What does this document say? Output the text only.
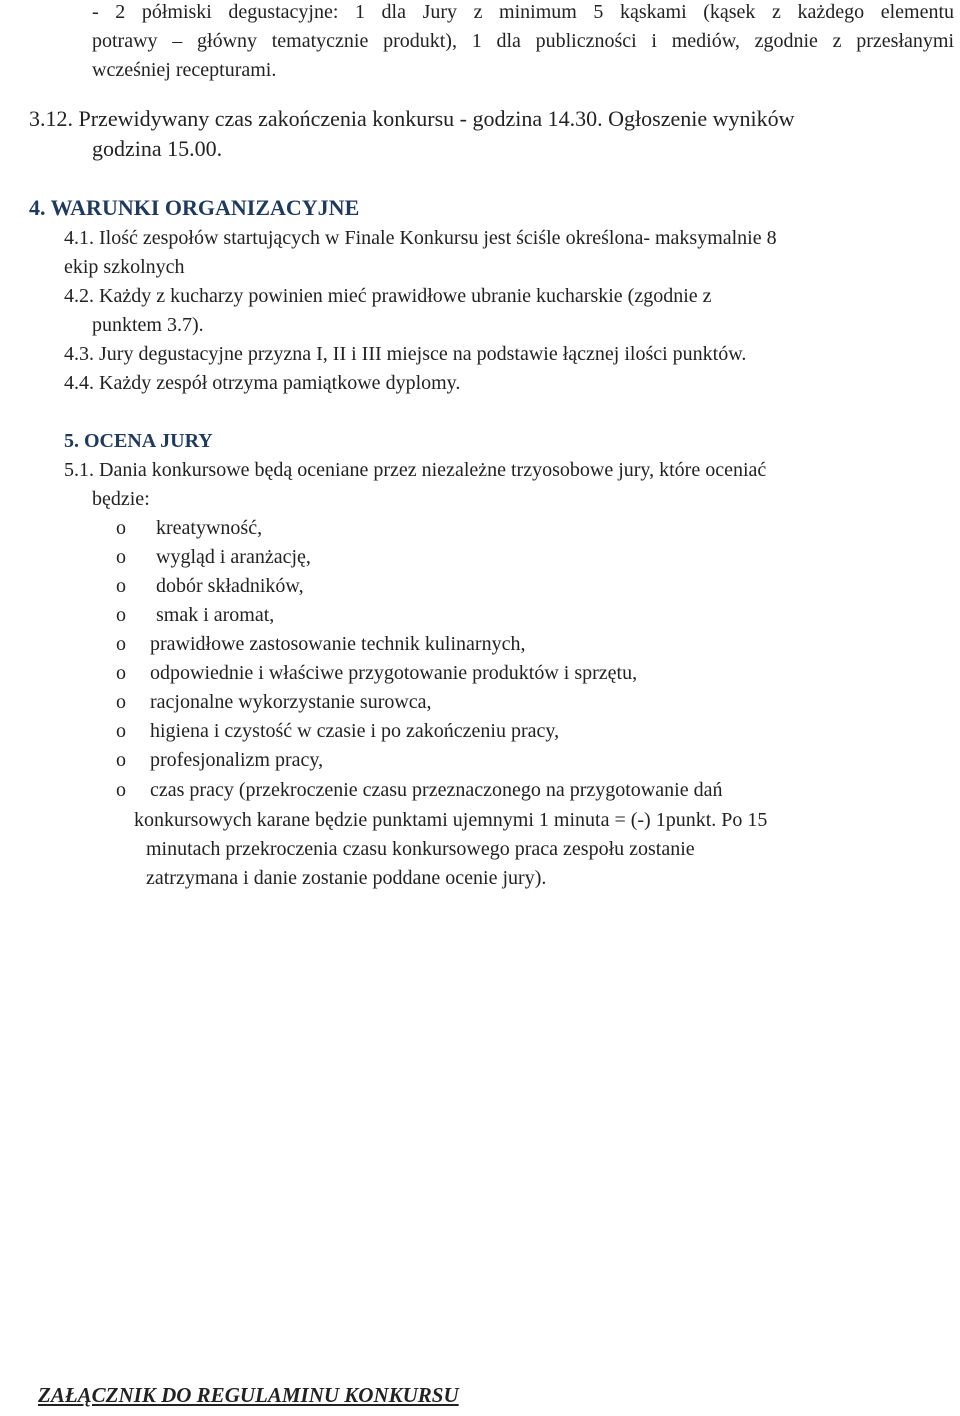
- 2 półmiski degustacyjne: 1 dla Jury z minimum 5 kąskami (kąsek z każdego elementu
potrawy – główny tematycznie produkt), 1 dla publiczności i mediów, zgodnie z przesłanymi
wcześniej recepturami.
3.12. Przewidywany czas zakończenia konkursu - godzina 14.30. Ogłoszenie wyników
godzina 15.00.
4. WARUNKI ORGANIZACYJNE
4.1. Ilość zespołów startujących w Finale Konkursu jest ściśle określona- maksymalnie 8
ekip szkolnych
4.2. Każdy z kucharzy powinien mieć prawidłowe ubranie kucharskie (zgodnie z
punktem 3.7).
4.3. Jury degustacyjne przyzna I, II i III miejsce na podstawie łącznej ilości punktów.
4.4. Każdy zespół otrzyma pamiątkowe dyplomy.
5. OCENA JURY
5.1. Dania konkursowe będą oceniane przez niezależne trzyosobowe jury, które oceniać
będzie:
o kreatywność,
o wygląd i aranżację,
o dobór składników,
o smak i aromat,
o prawidłowe zastosowanie technik kulinarnych,
o odpowiednie i właściwe przygotowanie produktów i sprzętu,
o racjonalne wykorzystanie surowca,
o higiena i czystość w czasie i po zakończeniu pracy,
o profesjonalizm pracy,
o czas pracy (przekroczenie czasu przeznaczonego na przygotowanie dań
konkursowych karane będzie punktami ujemnymi 1 minuta = (-) 1punkt. Po 15
minutach przekroczenia czasu konkursowego praca zespołu zostanie
zatrzymana i danie zostanie poddane ocenie jury).
ZAŁĄCZNIK DO REGULAMINU KONKURSU
